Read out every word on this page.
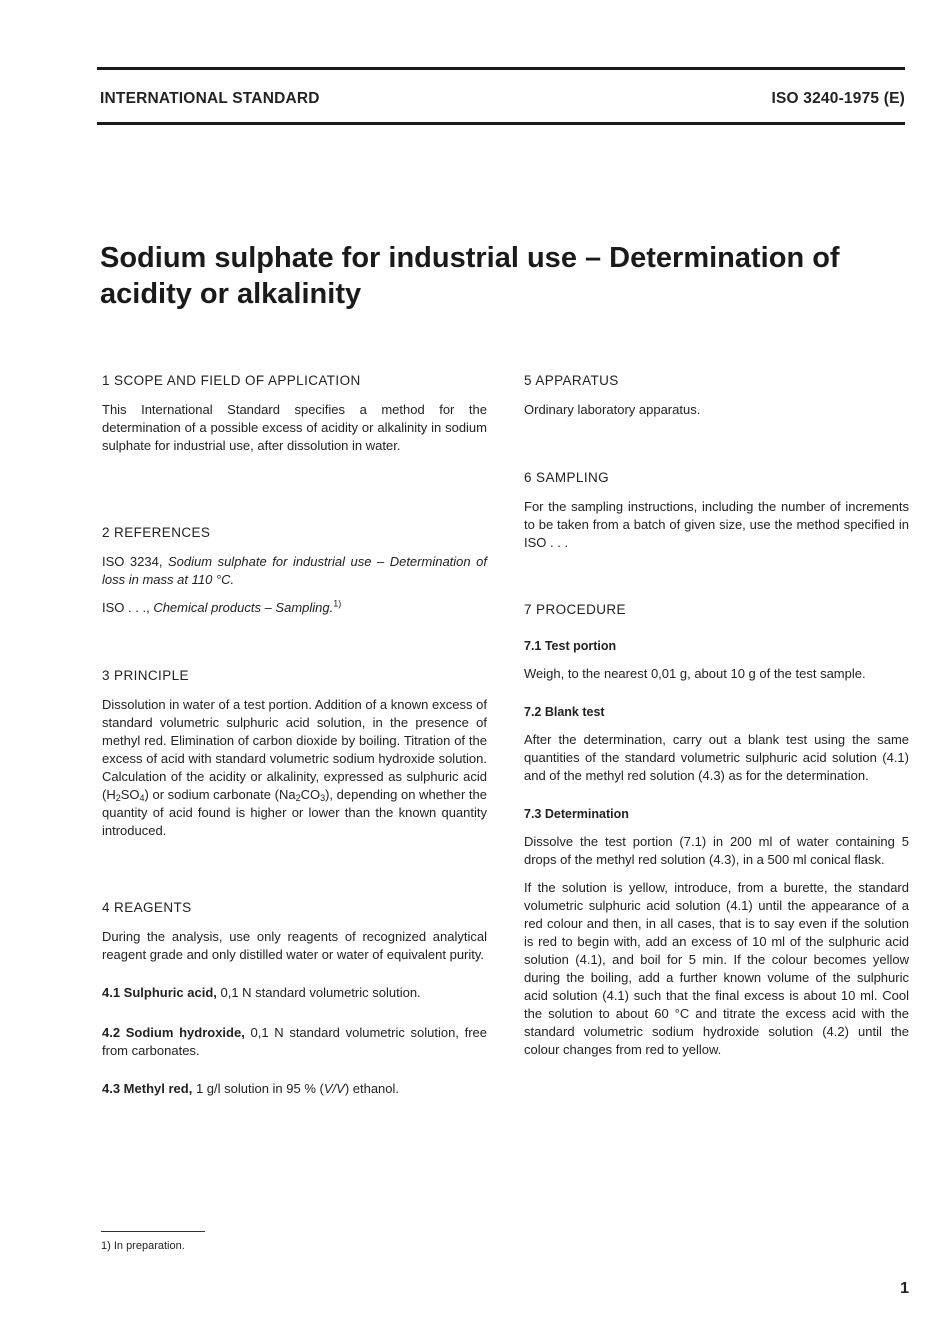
INTERNATIONAL STANDARD	ISO 3240-1975 (E)
Sodium sulphate for industrial use – Determination of
acidity or alkalinity
1 SCOPE AND FIELD OF APPLICATION

This International Standard specifies a method for the determination of a possible excess of acidity or alkalinity in sodium sulphate for industrial use, after dissolution in water.

2 REFERENCES

ISO 3234, Sodium sulphate for industrial use – Determination of loss in mass at 110 °C.

ISO . . ., Chemical products – Sampling.$^{1)}$

3 PRINCIPLE

Dissolution in water of a test portion. Addition of a known excess of standard volumetric sulphuric acid solution, in the presence of methyl red. Elimination of carbon dioxide by boiling. Titration of the excess of acid with standard volumetric sodium hydroxide solution. Calculation of the acidity or alkalinity, expressed as sulphuric acid $(H_2SO_4)$ or sodium carbonate $(Na_2CO_3)$, depending on whether the quantity of acid found is higher or lower than the known quantity introduced.

4 REAGENTS

During the analysis, use only reagents of recognized analytical reagent grade and only distilled water or water of equivalent purity.

4.1 Sulphuric acid, 0,1 N standard volumetric solution.

4.2 Sodium hydroxide, 0,1 N standard volumetric solution, free from carbonates.

4.3 Methyl red, 1 g/l solution in 95 % (V/V) ethanol.

5 APPARATUS

Ordinary laboratory apparatus.

6 SAMPLING

For the sampling instructions, including the number of increments to be taken from a batch of given size, use the method specified in ISO . . .

7 PROCEDURE
7.1 Test portion

Weigh, to the nearest 0,01 g, about 10 g of the test sample.

7.2 Blank test

After the determination, carry out a blank test using the same quantities of the standard volumetric sulphuric acid solution (4.1) and of the methyl red solution (4.3) as for the determination.

7.3 Determination

Dissolve the test portion (7.1) in 200 ml of water containing 5 drops of the methyl red solution (4.3), in a 500 ml conical flask.

If the solution is yellow, introduce, from a burette, the standard volumetric sulphuric acid solution (4.1) until the appearance of a red colour and then, in all cases, that is to say even if the solution is red to begin with, add an excess of 10 ml of the sulphuric acid solution (4.1), and boil for 5 min. If the colour becomes yellow during the boiling, add a further known volume of the sulphuric acid solution (4.1) such that the final excess is about 10 ml. Cool the solution to about 60 °C and titrate the excess acid with the standard volumetric sodium hydroxide solution (4.2) until the colour changes from red to yellow.

1) In preparation.
1
